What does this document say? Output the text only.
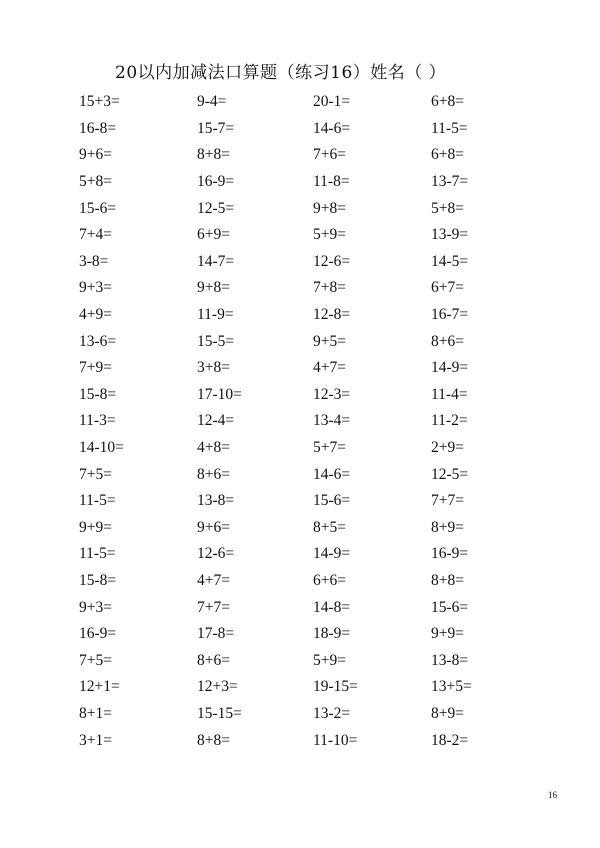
20以内加减法口算题（练习16）姓名（ ）
15+3=	9-4=	20-1=	6+8=
16-8=	15-7=	14-6=	11-5=
9+6=	8+8=	7+6=	6+8=
5+8=	16-9=	11-8=	13-7=
15-6=	12-5=	9+8=	5+8=
7+4=	6+9=	5+9=	13-9=
3-8=	14-7=	12-6=	14-5=
9+3=	9+8=	7+8=	6+7=
4+9=	11-9=	12-8=	16-7=
13-6=	15-5=	9+5=	8+6=
7+9=	3+8=	4+7=	14-9=
15-8=	17-10=	12-3=	11-4=
11-3=	12-4=	13-4=	11-2=
14-10=	4+8=	5+7=	2+9=
7+5=	8+6=	14-6=	12-5=
11-5=	13-8=	15-6=	7+7=
9+9=	9+6=	8+5=	8+9=
11-5=	12-6=	14-9=	16-9=
15-8=	4+7=	6+6=	8+8=
9+3=	7+7=	14-8=	15-6=
16-9=	17-8=	18-9=	9+9=
7+5=	8+6=	5+9=	13-8=
12+1=	12+3=	19-15=	13+5=
8+1=	15-15=	13-2=	8+9=
3+1=	8+8=	11-10=	18-2=
16
